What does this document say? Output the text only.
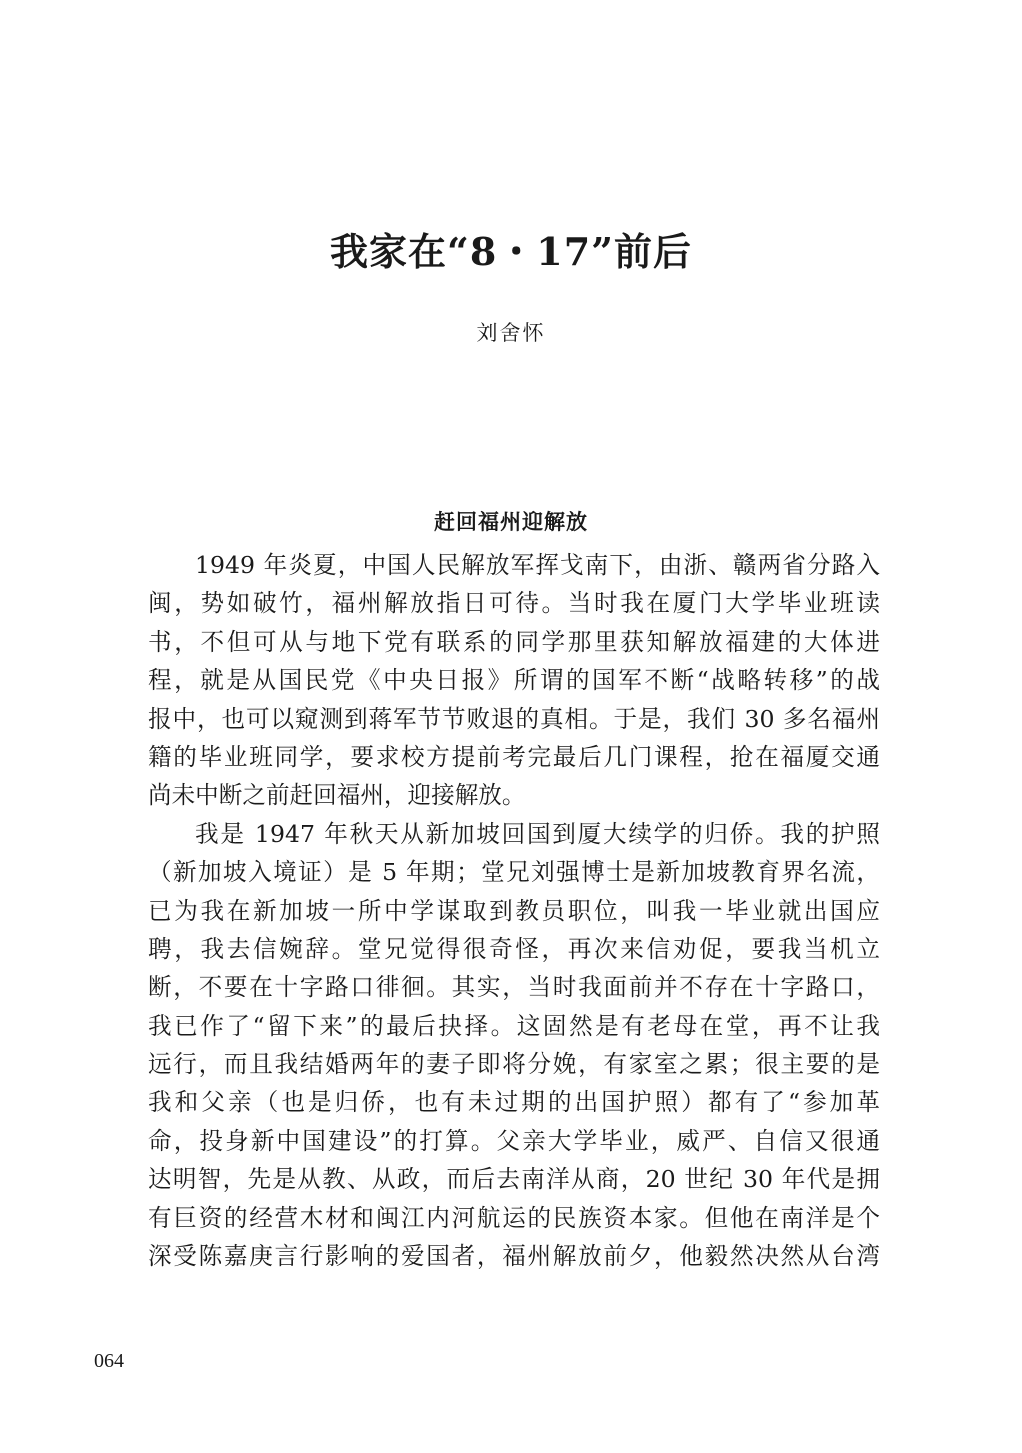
我家在“8・17”前后
刘舍怀
赶回福州迎解放
1949 年炎夏，中国人民解放军挥戈南下，由浙、赣两省分路入
闽，势如破竹，福州解放指日可待。当时我在厦门大学毕业班读
书，不但可从与地下党有联系的同学那里获知解放福建的大体进
程，就是从国民党《中央日报》所谓的国军不断“战略转移”的战
报中，也可以窥测到蒋军节节败退的真相。于是，我们 30 多名福州
籍的毕业班同学，要求校方提前考完最后几门课程，抢在福厦交通
尚未中断之前赶回福州，迎接解放。
我是 1947 年秋天从新加坡回国到厦大续学的归侨。我的护照
（新加坡入境证）是 5 年期；堂兄刘强博士是新加坡教育界名流，
已为我在新加坡一所中学谋取到教员职位，叫我一毕业就出国应
聘，我去信婉辞。堂兄觉得很奇怪，再次来信劝促，要我当机立
断，不要在十字路口徘徊。其实，当时我面前并不存在十字路口，
我已作了“留下来”的最后抉择。这固然是有老母在堂，再不让我
远行，而且我结婚两年的妻子即将分娩，有家室之累；很主要的是
我和父亲（也是归侨，也有未过期的出国护照）都有了“参加革
命，投身新中国建设”的打算。父亲大学毕业，威严、自信又很通
达明智，先是从教、从政，而后去南洋从商，20 世纪 30 年代是拥
有巨资的经营木材和闽江内河航运的民族资本家。但他在南洋是个
深受陈嘉庚言行影响的爱国者，福州解放前夕，他毅然决然从台湾
064
